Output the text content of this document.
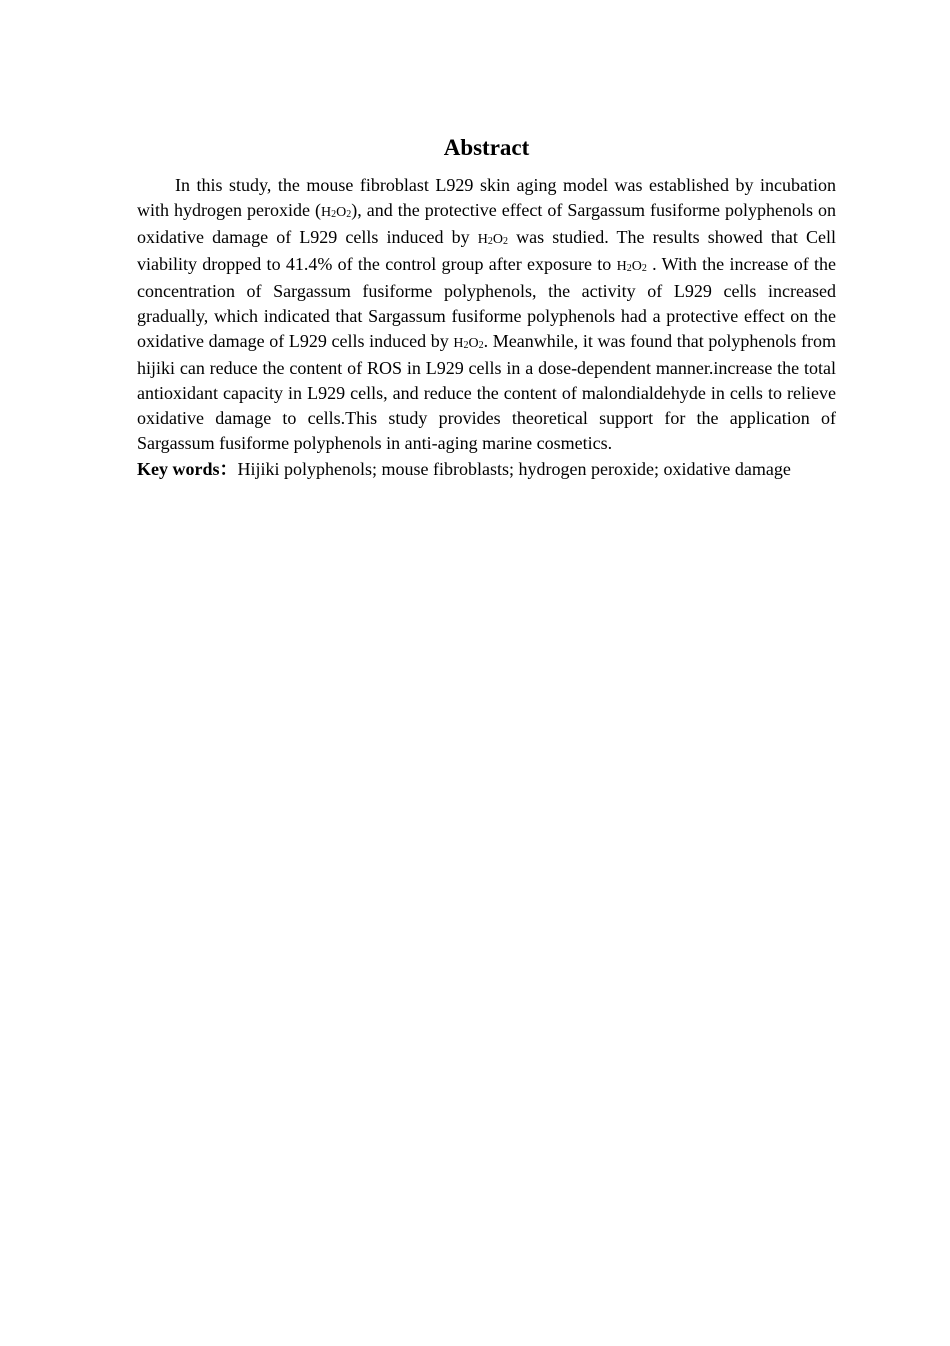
Abstract

In this study, the mouse fibroblast L929 skin aging model was established by incubation with hydrogen peroxide $(H_2O_2)$, and the protective effect of Sargassum fusiforme polyphenols on oxidative damage of L929 cells induced by $H_2O_2$ was studied. The results showed that Cell viability dropped to 41.4% of the control group after exposure to $H_2O_2$ . With the increase of the concentration of Sargassum fusiforme polyphenols, the activity of L929 cells increased gradually, which indicated that Sargassum fusiforme polyphenols had a protective effect on the oxidative damage of L929 cells induced by $H_2O_2$. Meanwhile, it was found that polyphenols from hijiki can reduce the content of ROS in L929 cells in a dose-dependent manner.increase the total antioxidant capacity in L929 cells, and reduce the content of malondialdehyde in cells to relieve oxidative damage to cells.This study provides theoretical support for the application of Sargassum fusiforme polyphenols in anti-aging marine cosmetics.

Key words：Hijiki polyphenols; mouse fibroblasts; hydrogen peroxide; oxidative damage
